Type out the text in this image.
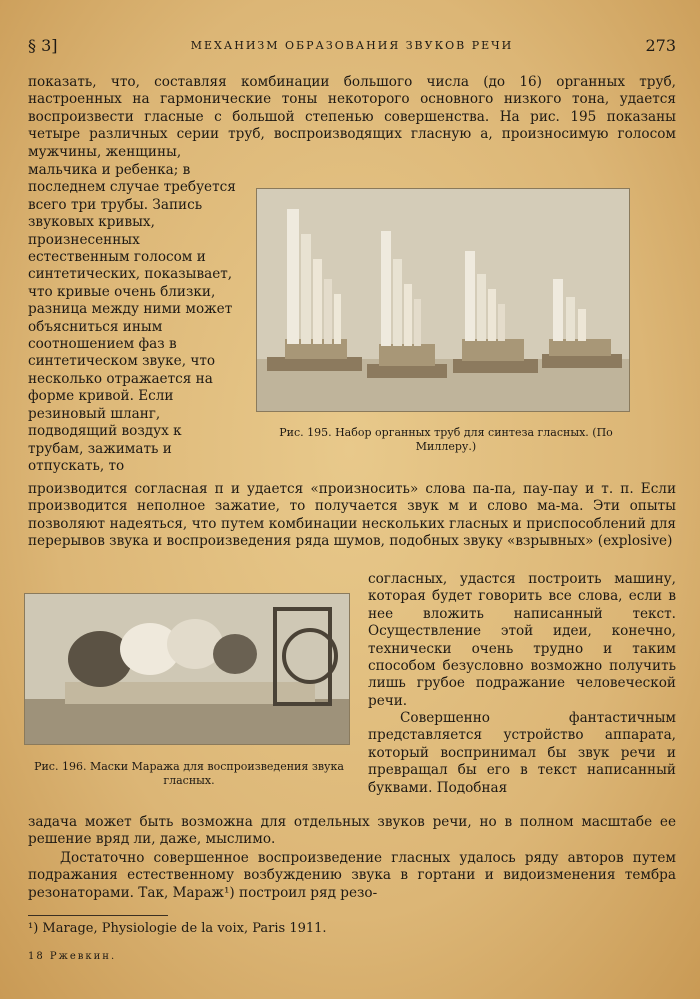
§ 3]	МЕХАНИЗМ ОБРАЗОВАНИЯ ЗВУКОВ РЕЧИ	273
показать, что, составляя комбинации большого числа (до 16) органных труб, настроенных на гармонические тоны некоторого основного низкого тона, удается воспроизвести гласные с большой степенью совершенства. На рис. 195 показаны четыре различных серии труб, воспроизводящих гласную а, произносимую голосом мужчины, женщины,
мальчика и ребенка; в последнем случае требуется всего три трубы. Запись звуковых кривых, произнесенных естественным голосом и синтетических, показывает, что кривые очень близки, разница между ними может объясниться иным соотношением фаз в синтетическом звуке, что несколько отражается на форме кривой. Если резиновый шланг, подводящий воздух к трубам, зажимать и отпускать, то
Рис. 195. Набор органных труб для синтеза гласных. (По Миллеру.)
производится согласная п и удается «произносить» слова па-па, пау-пау и т. п. Если производится неполное зажатие, то получается звук м и слово ма-ма. Эти опыты позволяют надеяться, что путем комбинации нескольких гласных и приспособлений для перерывов звука и воспроизведения ряда шумов, подобных звуку «взрывных» (explosive)
Рис. 196. Маски Маража для воспроизведения звука гласных.
согласных, удастся построить машину, которая будет говорить все слова, если в нее вложить написанный текст. Осуществление этой идеи, конечно, технически очень трудно и таким способом безусловно возможно получить лишь грубое подражание человеческой речи.
Совершенно фантастичным представляется устройство аппарата, который воспринимал бы звук речи и превращал бы его в текст написанный буквами. Подобная
задача может быть возможна для отдельных звуков речи, но в полном масштабе ее решение вряд ли, даже, мыслимо.
Достаточно совершенное воспроизведение гласных удалось ряду авторов путем подражания естественному возбуждению звука в гортани и видоизменения тембра резонаторами. Так, Мараж¹) построил ряд резо-
¹) Marage, Physiologie de la voix, Paris 1911.
18 Ржевкин.
